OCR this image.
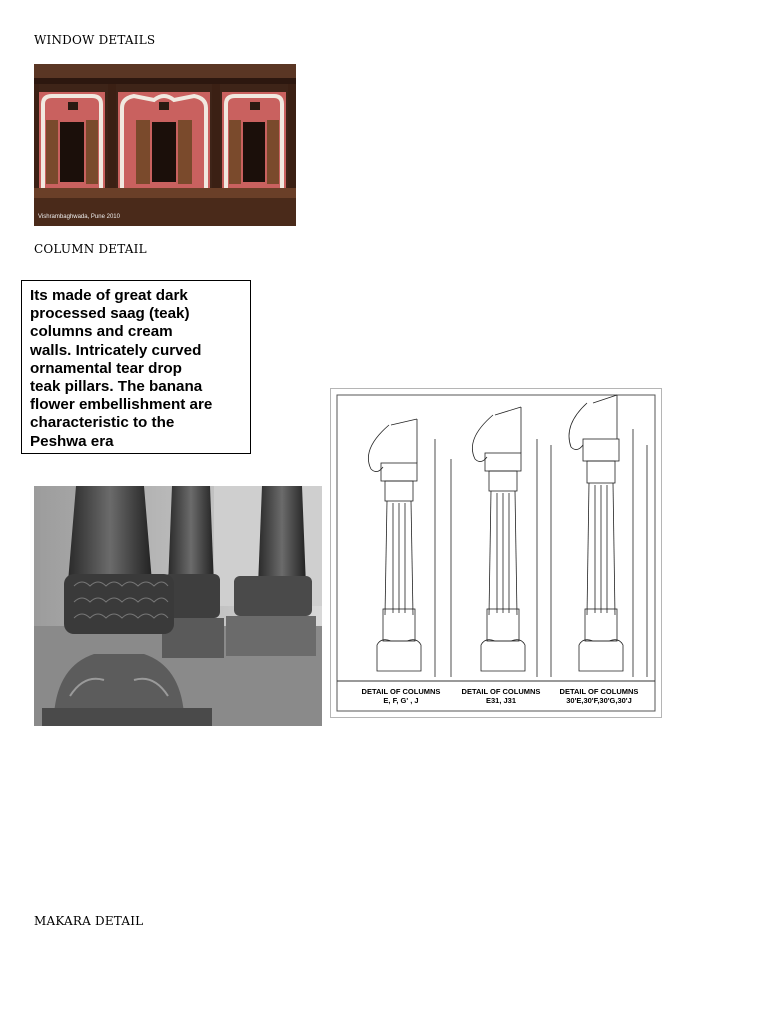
WINDOW DETAILS
COLUMN DETAIL
MAKARA DETAIL
Vishrambaghwada, Pune 2010
Its made of great dark
processed saag (teak)
columns and cream
walls. Intricately curved
ornamental tear drop
teak pillars. The banana
flower embellishment are
characteristic to the
Peshwa era
DETAIL OF COLUMNS
E, F, G' , J
DETAIL OF COLUMNS
E31, J31
DETAIL OF COLUMNS
30'E,30'F,30'G,30'J
